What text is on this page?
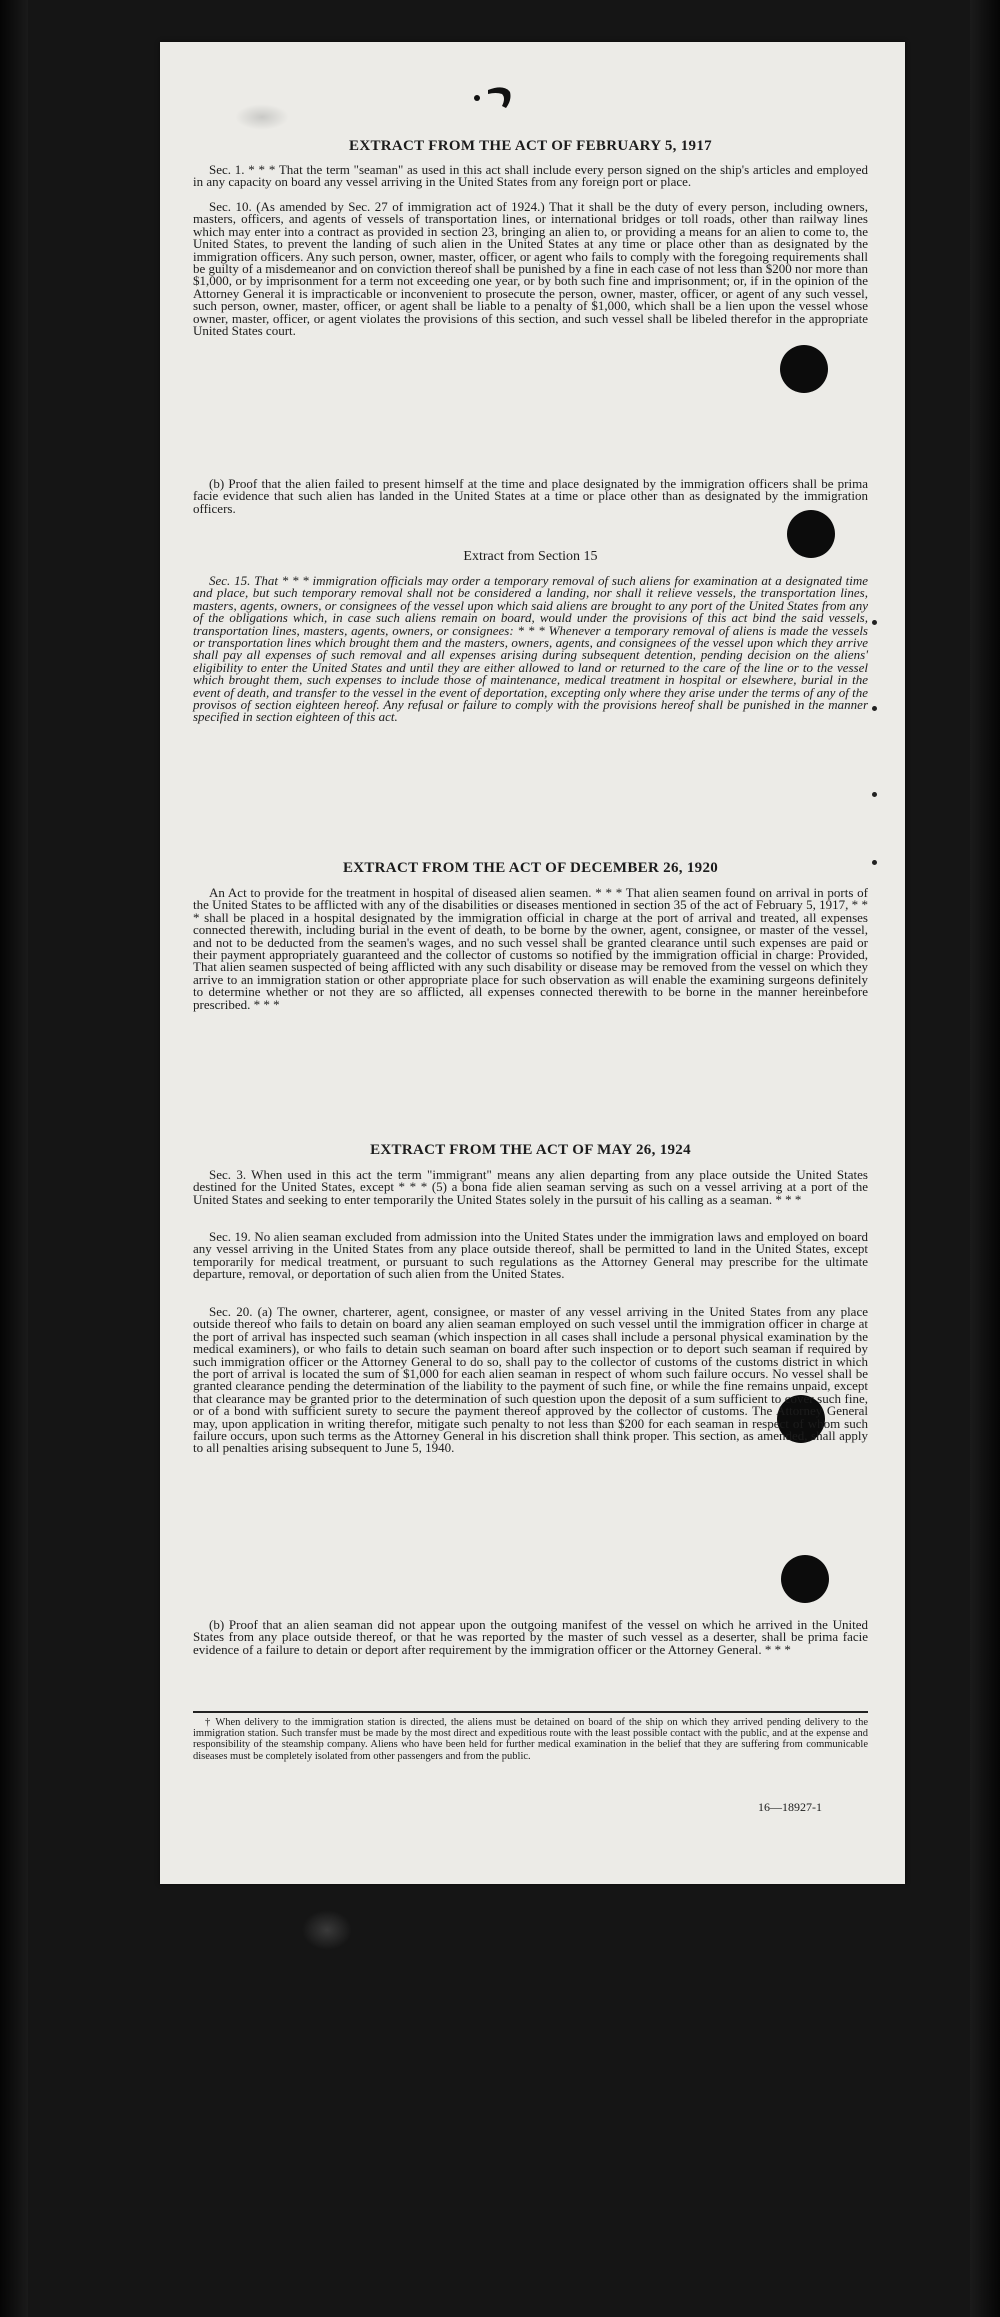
EXTRACT FROM THE ACT OF FEBRUARY 5, 1917
Sec. 1. * * * That the term "seaman" as used in this act shall include every person signed on the ship's articles and employed in any capacity on board any vessel arriving in the United States from any foreign port or place.
Sec. 10. (As amended by Sec. 27 of immigration act of 1924.) That it shall be the duty of every person, including owners, masters, officers, and agents of vessels of transportation lines, or international bridges or toll roads, other than railway lines which may enter into a contract as provided in section 23, bringing an alien to, or providing a means for an alien to come to, the United States, to prevent the landing of such alien in the United States at any time or place other than as designated by the immigration officers. Any such person, owner, master, officer, or agent who fails to comply with the foregoing requirements shall be guilty of a misdemeanor and on conviction thereof shall be punished by a fine in each case of not less than $200 nor more than $1,000, or by imprisonment for a term not exceeding one year, or by both such fine and imprisonment; or, if in the opinion of the Attorney General it is impracticable or inconvenient to prosecute the person, owner, master, officer, or agent of any such vessel, such person, owner, master, officer, or agent shall be liable to a penalty of $1,000, which shall be a lien upon the vessel whose owner, master, officer, or agent violates the provisions of this section, and such vessel shall be libeled therefor in the appropriate United States court.
(b) Proof that the alien failed to present himself at the time and place designated by the immigration officers shall be prima facie evidence that such alien has landed in the United States at a time or place other than as designated by the immigration officers.
Extract from Section 15
Sec. 15. That * * * immigration officials may order a temporary removal of such aliens for examination at a designated time and place, but such temporary removal shall not be considered a landing, nor shall it relieve vessels, the transportation lines, masters, agents, owners, or consignees of the vessel upon which said aliens are brought to any port of the United States from any of the obligations which, in case such aliens remain on board, would under the provisions of this act bind the said vessels, transportation lines, masters, agents, owners, or consignees: * * * Whenever a temporary removal of aliens is made the vessels or transportation lines which brought them and the masters, owners, agents, and consignees of the vessel upon which they arrive shall pay all expenses of such removal and all expenses arising during subsequent detention, pending decision on the aliens' eligibility to enter the United States and until they are either allowed to land or returned to the care of the line or to the vessel which brought them, such expenses to include those of maintenance, medical treatment in hospital or elsewhere, burial in the event of death, and transfer to the vessel in the event of deportation, excepting only where they arise under the terms of any of the provisos of section eighteen hereof. Any refusal or failure to comply with the provisions hereof shall be punished in the manner specified in section eighteen of this act.
EXTRACT FROM THE ACT OF DECEMBER 26, 1920
An Act to provide for the treatment in hospital of diseased alien seamen. * * * That alien seamen found on arrival in ports of the United States to be afflicted with any of the disabilities or diseases mentioned in section 35 of the act of February 5, 1917, * * * shall be placed in a hospital designated by the immigration official in charge at the port of arrival and treated, all expenses connected therewith, including burial in the event of death, to be borne by the owner, agent, consignee, or master of the vessel, and not to be deducted from the seamen's wages, and no such vessel shall be granted clearance until such expenses are paid or their payment appropriately guaranteed and the collector of customs so notified by the immigration official in charge: Provided, That alien seamen suspected of being afflicted with any such disability or disease may be removed from the vessel on which they arrive to an immigration station or other appropriate place for such observation as will enable the examining surgeons definitely to determine whether or not they are so afflicted, all expenses connected therewith to be borne in the manner hereinbefore prescribed. * * *
EXTRACT FROM THE ACT OF MAY 26, 1924
Sec. 3. When used in this act the term "immigrant" means any alien departing from any place outside the United States destined for the United States, except * * * (5) a bona fide alien seaman serving as such on a vessel arriving at a port of the United States and seeking to enter temporarily the United States solely in the pursuit of his calling as a seaman. * * *
Sec. 19. No alien seaman excluded from admission into the United States under the immigration laws and employed on board any vessel arriving in the United States from any place outside thereof, shall be permitted to land in the United States, except temporarily for medical treatment, or pursuant to such regulations as the Attorney General may prescribe for the ultimate departure, removal, or deportation of such alien from the United States.
Sec. 20. (a) The owner, charterer, agent, consignee, or master of any vessel arriving in the United States from any place outside thereof who fails to detain on board any alien seaman employed on such vessel until the immigration officer in charge at the port of arrival has inspected such seaman (which inspection in all cases shall include a personal physical examination by the medical examiners), or who fails to detain such seaman on board after such inspection or to deport such seaman if required by such immigration officer or the Attorney General to do so, shall pay to the collector of customs of the customs district in which the port of arrival is located the sum of $1,000 for each alien seaman in respect of whom such failure occurs. No vessel shall be granted clearance pending the determination of the liability to the payment of such fine, or while the fine remains unpaid, except that clearance may be granted prior to the determination of such question upon the deposit of a sum sufficient to cover such fine, or of a bond with sufficient surety to secure the payment thereof approved by the collector of customs. The Attorney General may, upon application in writing therefor, mitigate such penalty to not less than $200 for each seaman in respect of whom such failure occurs, upon such terms as the Attorney General in his discretion shall think proper. This section, as amended, shall apply to all penalties arising subsequent to June 5, 1940.
(b) Proof that an alien seaman did not appear upon the outgoing manifest of the vessel on which he arrived in the United States from any place outside thereof, or that he was reported by the master of such vessel as a deserter, shall be prima facie evidence of a failure to detain or deport after requirement by the immigration officer or the Attorney General. * * *
† When delivery to the immigration station is directed, the aliens must be detained on board of the ship on which they arrived pending delivery to the immigration station. Such transfer must be made by the most direct and expeditious route with the least possible contact with the public, and at the expense and responsibility of the steamship company. Aliens who have been held for further medical examination in the belief that they are suffering from communicable diseases must be completely isolated from other passengers and from the public.
16—18927-1
